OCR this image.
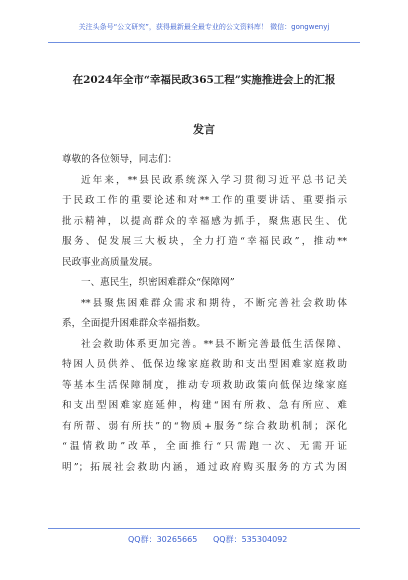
关注头条号“公文研究”，获得最新最全最专业的公文资料库！ 微信：gongwenyj
在2024年全市“幸福民政365工程”实施推进会上的汇报
发言
尊敬的各位领导，同志们：
近年来，**县民政系统深入学习贯彻习近平总书记关
于民政工作的重要论述和对**工作的重要讲话、重要指示
批示精神，以提高群众的幸福感为抓手，聚焦惠民生、优
服务、促发展三大板块，全力打造“幸福民政”，推动**
民政事业高质量发展。
一、惠民生，织密困难群众“保障网”
**县聚焦困难群众需求和期待，不断完善社会救助体
系，全面提升困难群众幸福指数。
社会救助体系更加完善。**县不断完善最低生活保障、
特困人员供养、低保边缘家庭救助和支出型困难家庭救助
等基本生活保障制度，推动专项救助政策向低保边缘家庭
和支出型困难家庭延伸，构建“困有所救、急有所应、难
有所帮、弱有所扶”的“物质+服务”综合救助机制；深化
“温情救助”改革，全面推行“只需跑一次、无需开证
明”；拓展社会救助内涵，通过政府购买服务的方式为困
QQ群：30265665 QQ群：535304092
